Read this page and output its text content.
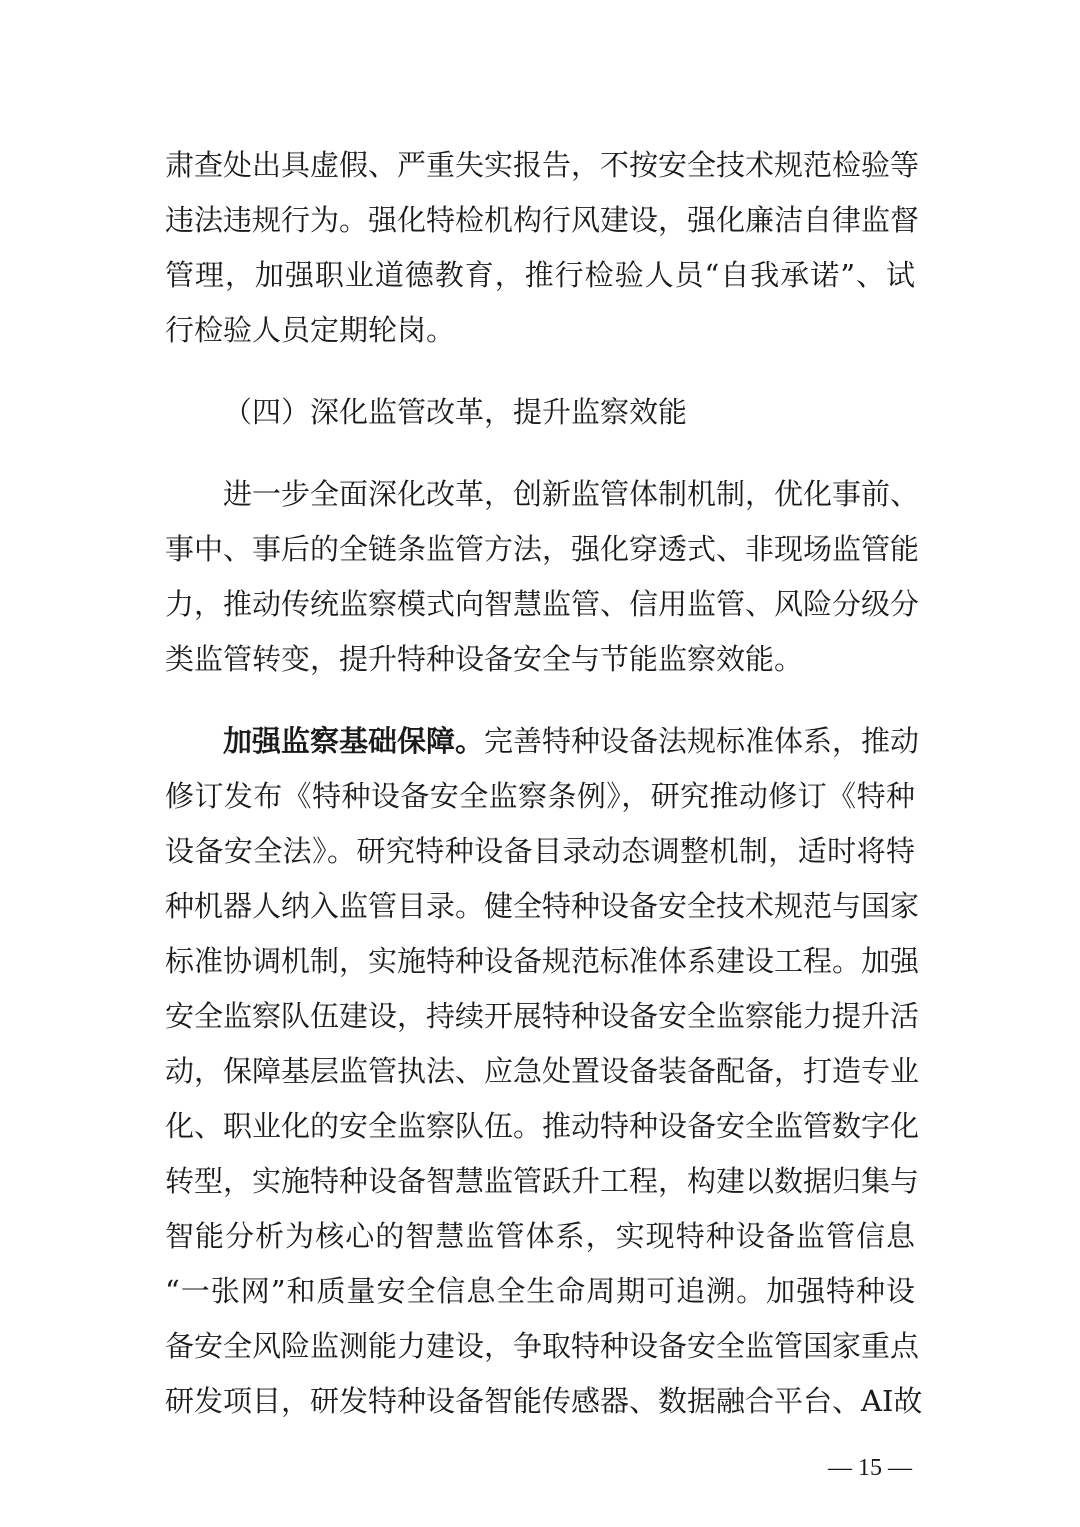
肃查处出具虚假、严重失实报告，不按安全技术规范检验等
违法违规行为。强化特检机构行风建设，强化廉洁自律监督
管理，加强职业道德教育，推行检验人员“自我承诺”、试
行检验人员定期轮岗。
（四）深化监管改革，提升监察效能
进一步全面深化改革，创新监管体制机制，优化事前、
事中、事后的全链条监管方法，强化穿透式、非现场监管能
力，推动传统监察模式向智慧监管、信用监管、风险分级分
类监管转变，提升特种设备安全与节能监察效能。
加强监察基础保障。完善特种设备法规标准体系，推动
修订发布《特种设备安全监察条例》，研究推动修订《特种
设备安全法》。研究特种设备目录动态调整机制，适时将特
种机器人纳入监管目录。健全特种设备安全技术规范与国家
标准协调机制，实施特种设备规范标准体系建设工程。加强
安全监察队伍建设，持续开展特种设备安全监察能力提升活
动，保障基层监管执法、应急处置设备装备配备，打造专业
化、职业化的安全监察队伍。推动特种设备安全监管数字化
转型，实施特种设备智慧监管跃升工程，构建以数据归集与
智能分析为核心的智慧监管体系，实现特种设备监管信息
“一张网”和质量安全信息全生命周期可追溯。加强特种设
备安全风险监测能力建设，争取特种设备安全监管国家重点
研发项目，研发特种设备智能传感器、数据融合平台、AI故
— 15 —
